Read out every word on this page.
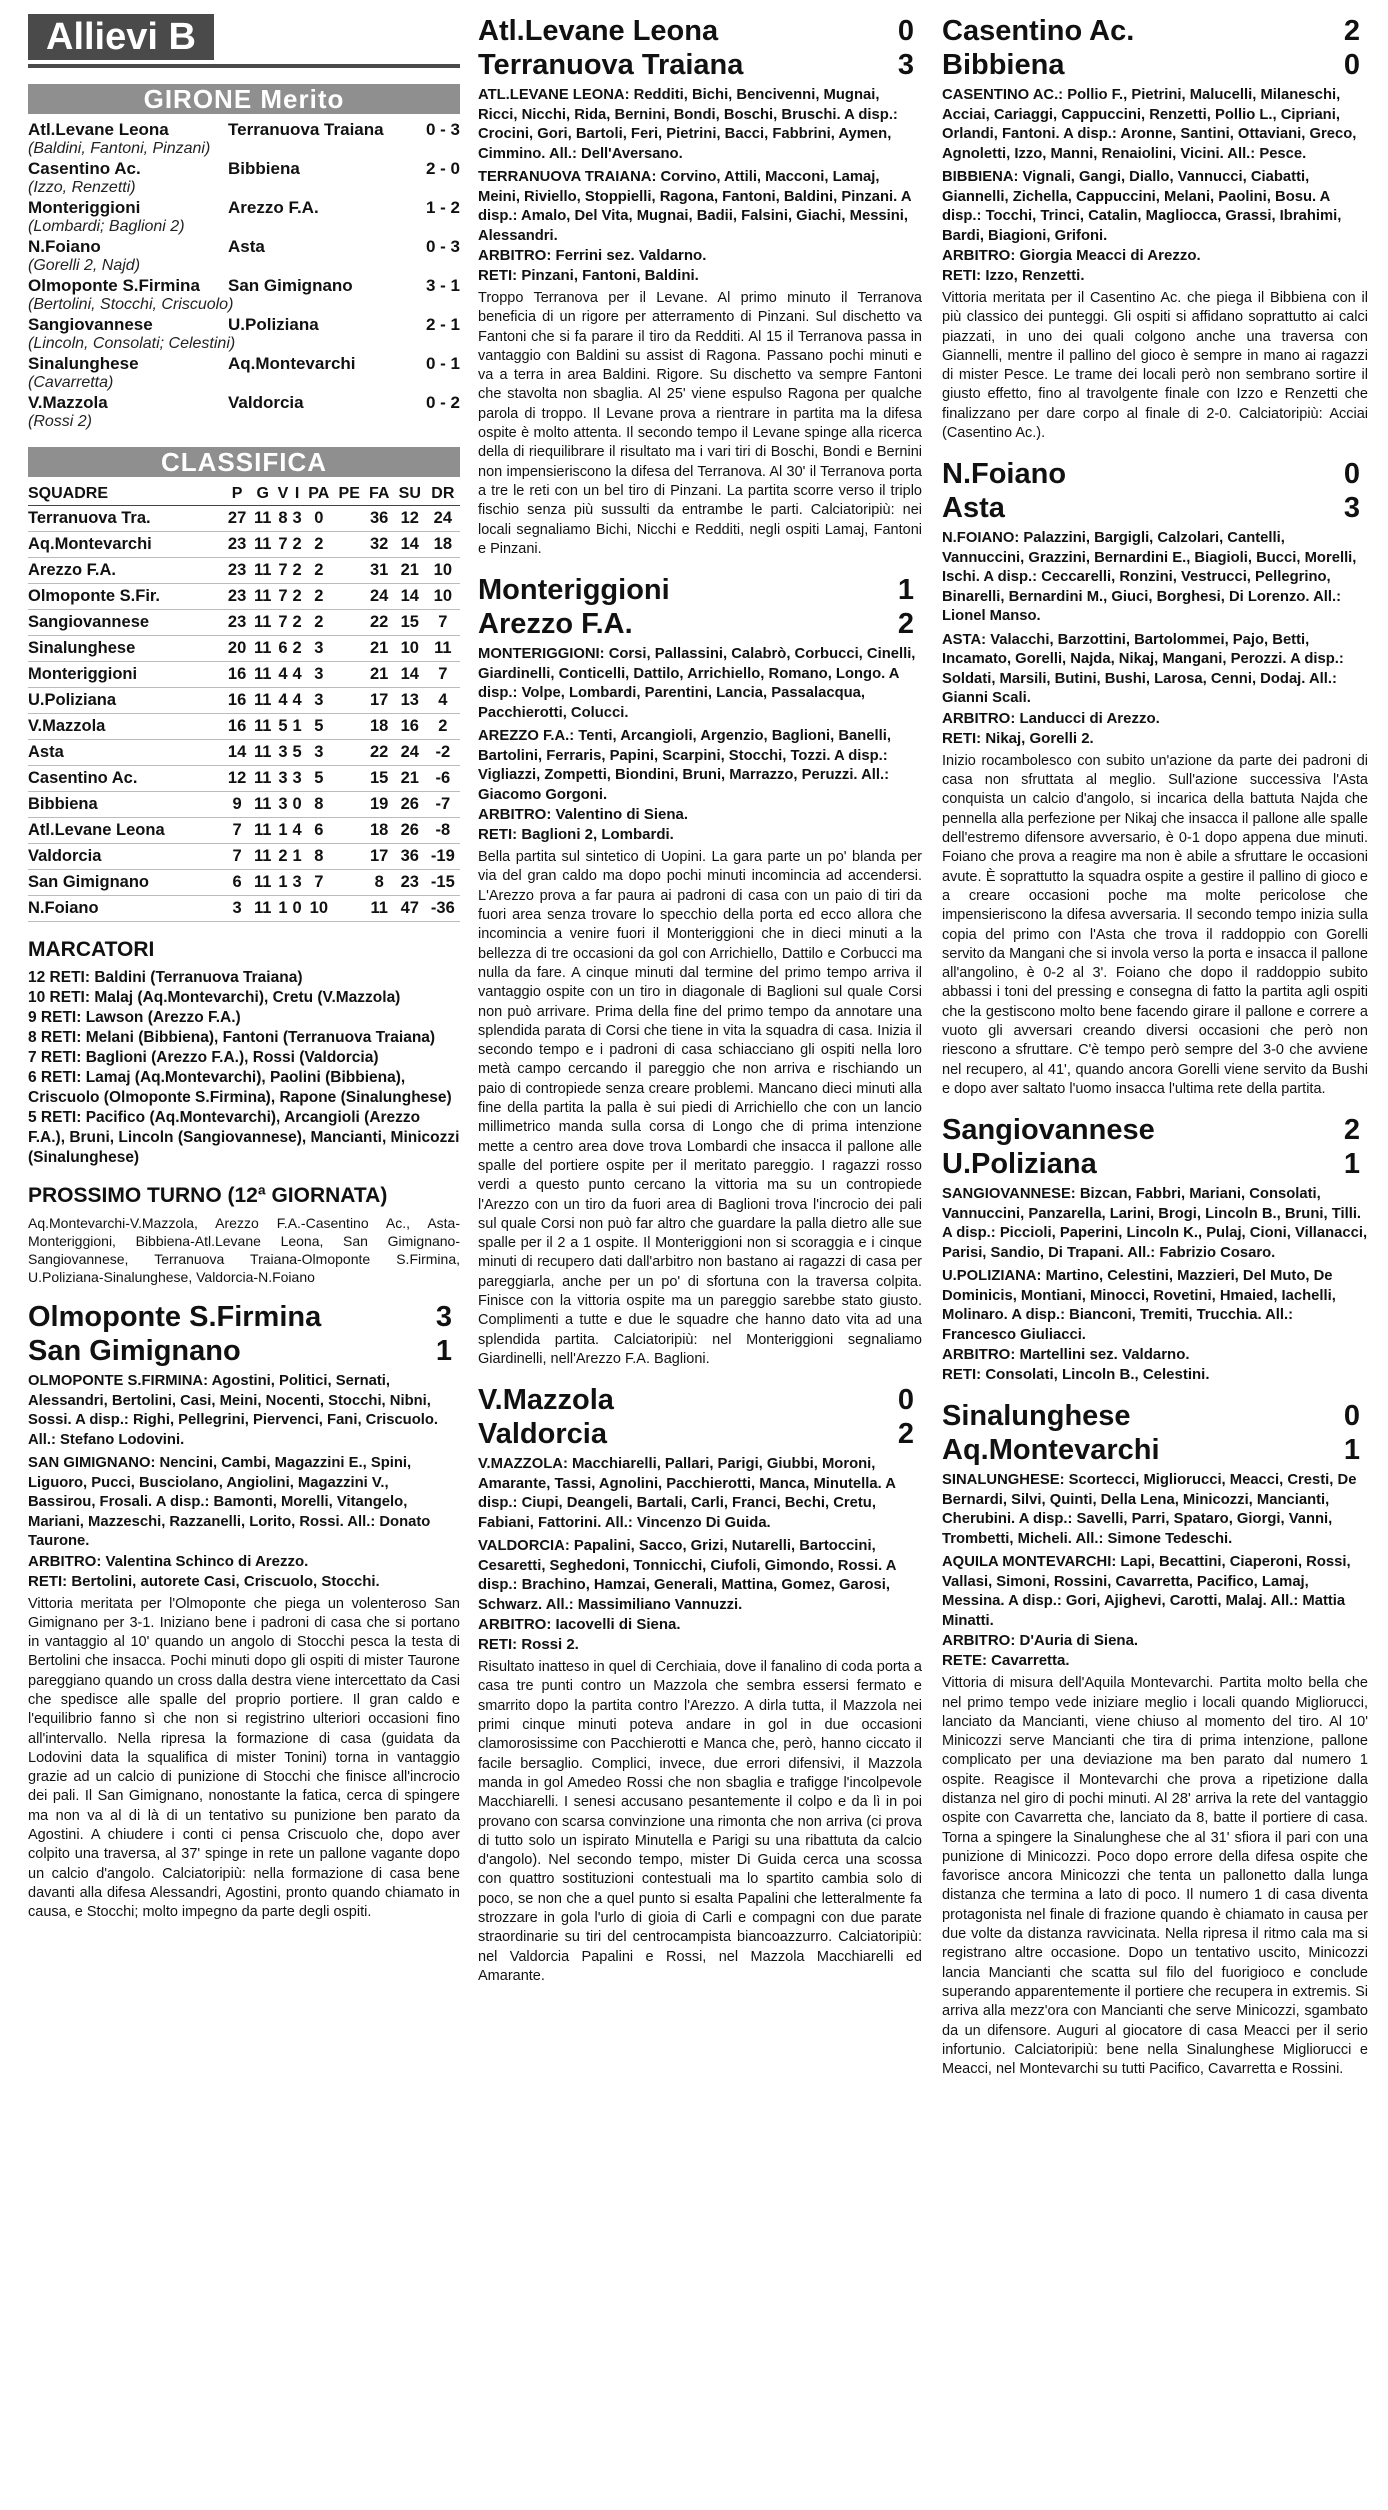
Allievi B
GIRONE Merito
Atl.Levane Leona	Terranuova Traiana	0 - 3
(Baldini, Fantoni, Pinzani)
Casentino Ac.	Bibbiena	2 - 0
(Izzo, Renzetti)
Monteriggioni	Arezzo F.A.	1 - 2
(Lombardi; Baglioni 2)
N.Foiano	Asta	0 - 3
(Gorelli 2, Najd)
Olmoponte S.Firmina	San Gimignano	3 - 1
(Bertolini, Stocchi, Criscuolo)
Sangiovannese	U.Poliziana	2 - 1
(Lincoln, Consolati; Celestini)
Sinalunghese	Aq.Montevarchi	0 - 1
(Cavarretta)
V.Mazzola	Valdorcia	0 - 2
(Rossi 2)
CLASSIFICA
SQUADRE	P	G	V	I	PA	PE	FA	SU	DR
Terranuova Tra.	27	11	8	3	0		36	12	24
Aq.Montevarchi	23	11	7	2	2		32	14	18
Arezzo F.A.	23	11	7	2	2		31	21	10
Olmoponte S.Fir.	23	11	7	2	2		24	14	10
Sangiovannese	23	11	7	2	2		22	15	7
Sinalunghese	20	11	6	2	3		21	10	11
Monteriggioni	16	11	4	4	3		21	14	7
U.Poliziana	16	11	4	4	3		17	13	4
V.Mazzola	16	11	5	1	5		18	16	2
Asta	14	11	3	5	3		22	24	-2
Casentino Ac.	12	11	3	3	5		15	21	-6
Bibbiena	9	11	3	0	8		19	26	-7
Atl.Levane Leona	7	11	1	4	6		18	26	-8
Valdorcia	7	11	2	1	8		17	36	-19
San Gimignano	6	11	1	3	7		8	23	-15
N.Foiano	3	11	1	0	10		11	47	-36
MARCATORI
12 RETI: Baldini (Terranuova Traiana)
10 RETI: Malaj (Aq.Montevarchi), Cretu (V.Mazzola)
9 RETI: Lawson (Arezzo F.A.)
8 RETI: Melani (Bibbiena), Fantoni (Terranuova Traiana)
7 RETI: Baglioni (Arezzo F.A.), Rossi (Valdorcia)
6 RETI: Lamaj (Aq.Montevarchi), Paolini (Bibbiena), Criscuolo (Olmoponte S.Firmina), Rapone (Sinalunghese)
5 RETI: Pacifico (Aq.Montevarchi), Arcangioli (Arezzo F.A.), Bruni, Lincoln (Sangiovannese), Mancianti, Minicozzi (Sinalunghese)
PROSSIMO TURNO (12ª GIORNATA)
Aq.Montevarchi-V.Mazzola, Arezzo F.A.-Casentino Ac., Asta-Monteriggioni, Bibbiena-Atl.Levane Leona, San Gimignano-Sangiovannese, Terranuova Traiana-Olmoponte S.Firmina, U.Poliziana-Sinalunghese, Valdorcia-N.Foiano
Olmoponte S.Firmina	3
San Gimignano	1
OLMOPONTE S.FIRMINA: Agostini, Politici, Sernati, Alessandri, Bertolini, Casi, Meini, Nocenti, Stocchi, Nibni, Sossi. A disp.: Righi, Pellegrini, Piervenci, Fani, Criscuolo. All.: Stefano Lodovini.
SAN GIMIGNANO: Nencini, Cambi, Magazzini E., Spini, Liguoro, Pucci, Busciolano, Angiolini, Magazzini V., Bassirou, Frosali. A disp.: Bamonti, Morelli, Vitangelo, Mariani, Mazzeschi, Razzanelli, Lorito, Rossi. All.: Donato Taurone.
ARBITRO: Valentina Schinco di Arezzo.
RETI: Bertolini, autorete Casi, Criscuolo, Stocchi.
Vittoria meritata per l'Olmoponte che piega un volenteroso San Gimignano per 3-1. Iniziano bene i padroni di casa che si portano in vantaggio al 10' quando un angolo di Stocchi pesca la testa di Bertolini che insacca. Pochi minuti dopo gli ospiti di mister Taurone pareggiano quando un cross dalla destra viene intercettato da Casi che spedisce alle spalle del proprio portiere. Il gran caldo e l'equilibrio fanno sì che non si registrino ulteriori occasioni fino all'intervallo. Nella ripresa la formazione di casa (guidata da Lodovini data la squalifica di mister Tonini) torna in vantaggio grazie ad un calcio di punizione di Stocchi che finisce all'incrocio dei pali. Il San Gimignano, nonostante la fatica, cerca di spingere ma non va al di là di un tentativo su punizione ben parato da Agostini. A chiudere i conti ci pensa Criscuolo che, dopo aver colpito una traversa, al 37' spinge in rete un pallone vagante dopo un calcio d'angolo. Calciatoripiù: nella formazione di casa bene davanti alla difesa Alessandri, Agostini, pronto quando chiamato in causa, e Stocchi; molto impegno da parte degli ospiti.
Atl.Levane Leona	0
Terranuova Traiana	3
ATL.LEVANE LEONA: Redditi, Bichi, Bencivenni, Mugnai, Ricci, Nicchi, Rida, Bernini, Bondi, Boschi, Bruschi. A disp.: Crocini, Gori, Bartoli, Feri, Pietrini, Bacci, Fabbrini, Aymen, Cimmino. All.: Dell'Aversano.
TERRANUOVA TRAIANA: Corvino, Attili, Macconi, Lamaj, Meini, Riviello, Stoppielli, Ragona, Fantoni, Baldini, Pinzani. A disp.: Amalo, Del Vita, Mugnai, Badii, Falsini, Giachi, Messini, Alessandri.
ARBITRO: Ferrini sez. Valdarno.
RETI: Pinzani, Fantoni, Baldini.
Troppo Terranova per il Levane. Al primo minuto il Terranova beneficia di un rigore per atterramento di Pinzani. Sul dischetto va Fantoni che si fa parare il tiro da Redditi. Al 15 il Terranova passa in vantaggio con Baldini su assist di Ragona. Passano pochi minuti e va a terra in area Baldini. Rigore. Su dischetto va sempre Fantoni che stavolta non sbaglia. Al 25' viene espulso Ragona per qualche parola di troppo. Il Levane prova a rientrare in partita ma la difesa ospite è molto attenta. Il secondo tempo il Levane spinge alla ricerca della di riequilibrare il risultato ma i vari tiri di Boschi, Bondi e Bernini non impensieriscono la difesa del Terranova. Al 30' il Terranova porta a tre le reti con un bel tiro di Pinzani. La partita scorre verso il triplo fischio senza più sussulti da entrambe le parti. Calciatoripiù: nei locali segnaliamo Bichi, Nicchi e Redditi, negli ospiti Lamaj, Fantoni e Pinzani.
Monteriggioni	1
Arezzo F.A.	2
MONTERIGGIONI: Corsi, Pallassini, Calabrò, Corbucci, Cinelli, Giardinelli, Conticelli, Dattilo, Arrichiello, Romano, Longo. A disp.: Volpe, Lombardi, Parentini, Lancia, Passalacqua, Pacchierotti, Colucci.
AREZZO F.A.: Tenti, Arcangioli, Argenzio, Baglioni, Banelli, Bartolini, Ferraris, Papini, Scarpini, Stocchi, Tozzi. A disp.: Vigliazzi, Zompetti, Biondini, Bruni, Marrazzo, Peruzzi. All.: Giacomo Gorgoni.
ARBITRO: Valentino di Siena.
RETI: Baglioni 2, Lombardi.
Bella partita sul sintetico di Uopini. La gara parte un po' blanda per via del gran caldo ma dopo pochi minuti incomincia ad accendersi. L'Arezzo prova a far paura ai padroni di casa con un paio di tiri da fuori area senza trovare lo specchio della porta ed ecco allora che incomincia a venire fuori il Monteriggioni che in dieci minuti a la bellezza di tre occasioni da gol con Arrichiello, Dattilo e Corbucci ma nulla da fare. A cinque minuti dal termine del primo tempo arriva il vantaggio ospite con un tiro in diagonale di Baglioni sul quale Corsi non può arrivare. Prima della fine del primo tempo da annotare una splendida parata di Corsi che tiene in vita la squadra di casa. Inizia il secondo tempo e i padroni di casa schiacciano gli ospiti nella loro metà campo cercando il pareggio che non arriva e rischiando un paio di contropiede senza creare problemi. Mancano dieci minuti alla fine della partita la palla è sui piedi di Arrichiello che con un lancio millimetrico manda sulla corsa di Longo che di prima intenzione mette a centro area dove trova Lombardi che insacca il pallone alle spalle del portiere ospite per il meritato pareggio. I ragazzi rosso verdi a questo punto cercano la vittoria ma su un contropiede l'Arezzo con un tiro da fuori area di Baglioni trova l'incrocio dei pali sul quale Corsi non può far altro che guardare la palla dietro alle sue spalle per il 2 a 1 ospite. Il Monteriggioni non si scoraggia e i cinque minuti di recupero dati dall'arbitro non bastano ai ragazzi di casa per pareggiarla, anche per un po' di sfortuna con la traversa colpita. Finisce con la vittoria ospite ma un pareggio sarebbe stato giusto. Complimenti a tutte e due le squadre che hanno dato vita ad una splendida partita. Calciatoripiù: nel Monteriggioni segnaliamo Giardinelli, nell'Arezzo F.A. Baglioni.
V.Mazzola	0
Valdorcia	2
V.MAZZOLA: Macchiarelli, Pallari, Parigi, Giubbi, Moroni, Amarante, Tassi, Agnolini, Pacchierotti, Manca, Minutella. A disp.: Ciupi, Deangeli, Bartali, Carli, Franci, Bechi, Cretu, Fabiani, Fattorini. All.: Vincenzo Di Guida.
VALDORCIA: Papalini, Sacco, Grizi, Nutarelli, Bartoccini, Cesaretti, Seghedoni, Tonnicchi, Ciufoli, Gimondo, Rossi. A disp.: Brachino, Hamzai, Generali, Mattina, Gomez, Garosi, Schwarz. All.: Massimiliano Vannuzzi.
ARBITRO: Iacovelli di Siena.
RETI: Rossi 2.
Risultato inatteso in quel di Cerchiaia, dove il fanalino di coda porta a casa tre punti contro un Mazzola che sembra essersi fermato e smarrito dopo la partita contro l'Arezzo. A dirla tutta, il Mazzola nei primi cinque minuti poteva andare in gol in due occasioni clamorosissime con Pacchierotti e Manca che, però, hanno ciccato il facile bersaglio. Complici, invece, due errori difensivi, il Mazzola manda in gol Amedeo Rossi che non sbaglia e trafigge l'incolpevole Macchiarelli. I senesi accusano pesantemente il colpo e da lì in poi provano con scarsa convinzione una rimonta che non arriva (ci prova di tutto solo un ispirato Minutella e Parigi su una ribattuta da calcio d'angolo). Nel secondo tempo, mister Di Guida cerca una scossa con quattro sostituzioni contestuali ma lo spartito cambia solo di poco, se non che a quel punto si esalta Papalini che letteralmente fa strozzare in gola l'urlo di gioia di Carli e compagni con due parate straordinarie su tiri del centrocampista biancoazzurro. Calciatoripiù: nel Valdorcia Papalini e Rossi, nel Mazzola Macchiarelli ed Amarante.
Casentino Ac.	2
Bibbiena	0
CASENTINO AC.: Pollio F., Pietrini, Malucelli, Milaneschi, Acciai, Cariaggi, Cappuccini, Renzetti, Pollio L., Cipriani, Orlandi, Fantoni. A disp.: Aronne, Santini, Ottaviani, Greco, Agnoletti, Izzo, Manni, Renaiolini, Vicini. All.: Pesce.
BIBBIENA: Vignali, Gangi, Diallo, Vannucci, Ciabatti, Giannelli, Zichella, Cappuccini, Melani, Paolini, Bosu. A disp.: Tocchi, Trinci, Catalin, Magliocca, Grassi, Ibrahimi, Bardi, Biagioni, Grifoni.
ARBITRO: Giorgia Meacci di Arezzo.
RETI: Izzo, Renzetti.
Vittoria meritata per il Casentino Ac. che piega il Bibbiena con il più classico dei punteggi. Gli ospiti si affidano soprattutto ai calci piazzati, in uno dei quali colgono anche una traversa con Giannelli, mentre il pallino del gioco è sempre in mano ai ragazzi di mister Pesce. Le trame dei locali però non sembrano sortire il giusto effetto, fino al travolgente finale con Izzo e Renzetti che finalizzano per dare corpo al finale di 2-0. Calciatoripiù: Acciai (Casentino Ac.).
N.Foiano	0
Asta	3
N.FOIANO: Palazzini, Bargigli, Calzolari, Cantelli, Vannuccini, Grazzini, Bernardini E., Biagioli, Bucci, Morelli, Ischi. A disp.: Ceccarelli, Ronzini, Vestrucci, Pellegrino, Binarelli, Bernardini M., Giuci, Borghesi, Di Lorenzo. All.: Lionel Manso.
ASTA: Valacchi, Barzottini, Bartolommei, Pajo, Betti, Incamato, Gorelli, Najda, Nikaj, Mangani, Perozzi. A disp.: Soldati, Marsili, Butini, Bushi, Larosa, Cenni, Dodaj. All.: Gianni Scali.
ARBITRO: Landucci di Arezzo.
RETI: Nikaj, Gorelli 2.
Inizio rocambolesco con subito un'azione da parte dei padroni di casa non sfruttata al meglio. Sull'azione successiva l'Asta conquista un calcio d'angolo, si incarica della battuta Najda che pennella alla perfezione per Nikaj che insacca il pallone alle spalle dell'estremo difensore avversario, è 0-1 dopo appena due minuti. Foiano che prova a reagire ma non è abile a sfruttare le occasioni avute. È soprattutto la squadra ospite a gestire il pallino di gioco e a creare occasioni poche ma molte pericolose che impensieriscono la difesa avversaria. Il secondo tempo inizia sulla copia del primo con l'Asta che trova il raddoppio con Gorelli servito da Mangani che si invola verso la porta e insacca il pallone all'angolino, è 0-2 al 3'. Foiano che dopo il raddoppio subito abbassi i toni del pressing e consegna di fatto la partita agli ospiti che la gestiscono molto bene facendo girare il pallone e correre a vuoto gli avversari creando diversi occasioni che però non riescono a sfruttare. C'è tempo però sempre del 3-0 che avviene nel recupero, al 41', quando ancora Gorelli viene servito da Bushi e dopo aver saltato l'uomo insacca l'ultima rete della partita.
Sangiovannese	2
U.Poliziana	1
SANGIOVANNESE: Bizcan, Fabbri, Mariani, Consolati, Vannuccini, Panzarella, Larini, Brogi, Lincoln B., Bruni, Tilli. A disp.: Piccioli, Paperini, Lincoln K., Pulaj, Cioni, Villanacci, Parisi, Sandio, Di Trapani. All.: Fabrizio Cosaro.
U.POLIZIANA: Martino, Celestini, Mazzieri, Del Muto, De Dominicis, Montiani, Minocci, Rovetini, Hmaied, Iachelli, Molinaro. A disp.: Bianconi, Tremiti, Trucchia. All.: Francesco Giuliacci.
ARBITRO: Martellini sez. Valdarno.
RETI: Consolati, Lincoln B., Celestini.
Sinalunghese	0
Aq.Montevarchi	1
SINALUNGHESE: Scortecci, Migliorucci, Meacci, Cresti, De Bernardi, Silvi, Quinti, Della Lena, Minicozzi, Mancianti, Cherubini. A disp.: Savelli, Parri, Spataro, Giorgi, Vanni, Trombetti, Micheli. All.: Simone Tedeschi.
AQUILA MONTEVARCHI: Lapi, Becattini, Ciaperoni, Rossi, Vallasi, Simoni, Rossini, Cavarretta, Pacifico, Lamaj, Messina. A disp.: Gori, Ajighevi, Carotti, Malaj. All.: Mattia Minatti.
ARBITRO: D'Auria di Siena.
RETE: Cavarretta.
Vittoria di misura dell'Aquila Montevarchi. Partita molto bella che nel primo tempo vede iniziare meglio i locali quando Migliorucci, lanciato da Mancianti, viene chiuso al momento del tiro. Al 10' Minicozzi serve Mancianti che tira di prima intenzione, pallone complicato per una deviazione ma ben parato dal numero 1 ospite. Reagisce il Montevarchi che prova a ripetizione dalla distanza nel giro di pochi minuti. Al 28' arriva la rete del vantaggio ospite con Cavarretta che, lanciato da 8, batte il portiere di casa. Torna a spingere la Sinalunghese che al 31' sfiora il pari con una punizione di Minicozzi. Poco dopo errore della difesa ospite che favorisce ancora Minicozzi che tenta un pallonetto dalla lunga distanza che termina a lato di poco. Il numero 1 di casa diventa protagonista nel finale di frazione quando è chiamato in causa per due volte da distanza ravvicinata. Nella ripresa il ritmo cala ma si registrano altre occasione. Dopo un tentativo uscito, Minicozzi lancia Mancianti che scatta sul filo del fuorigioco e conclude superando apparentemente il portiere che recupera in extremis. Si arriva alla mezz'ora con Mancianti che serve Minicozzi, sgambato da un difensore. Auguri al giocatore di casa Meacci per il serio infortunio. Calciatoripiù: bene nella Sinalunghese Migliorucci e Meacci, nel Montevarchi su tutti Pacifico, Cavarretta e Rossini.
